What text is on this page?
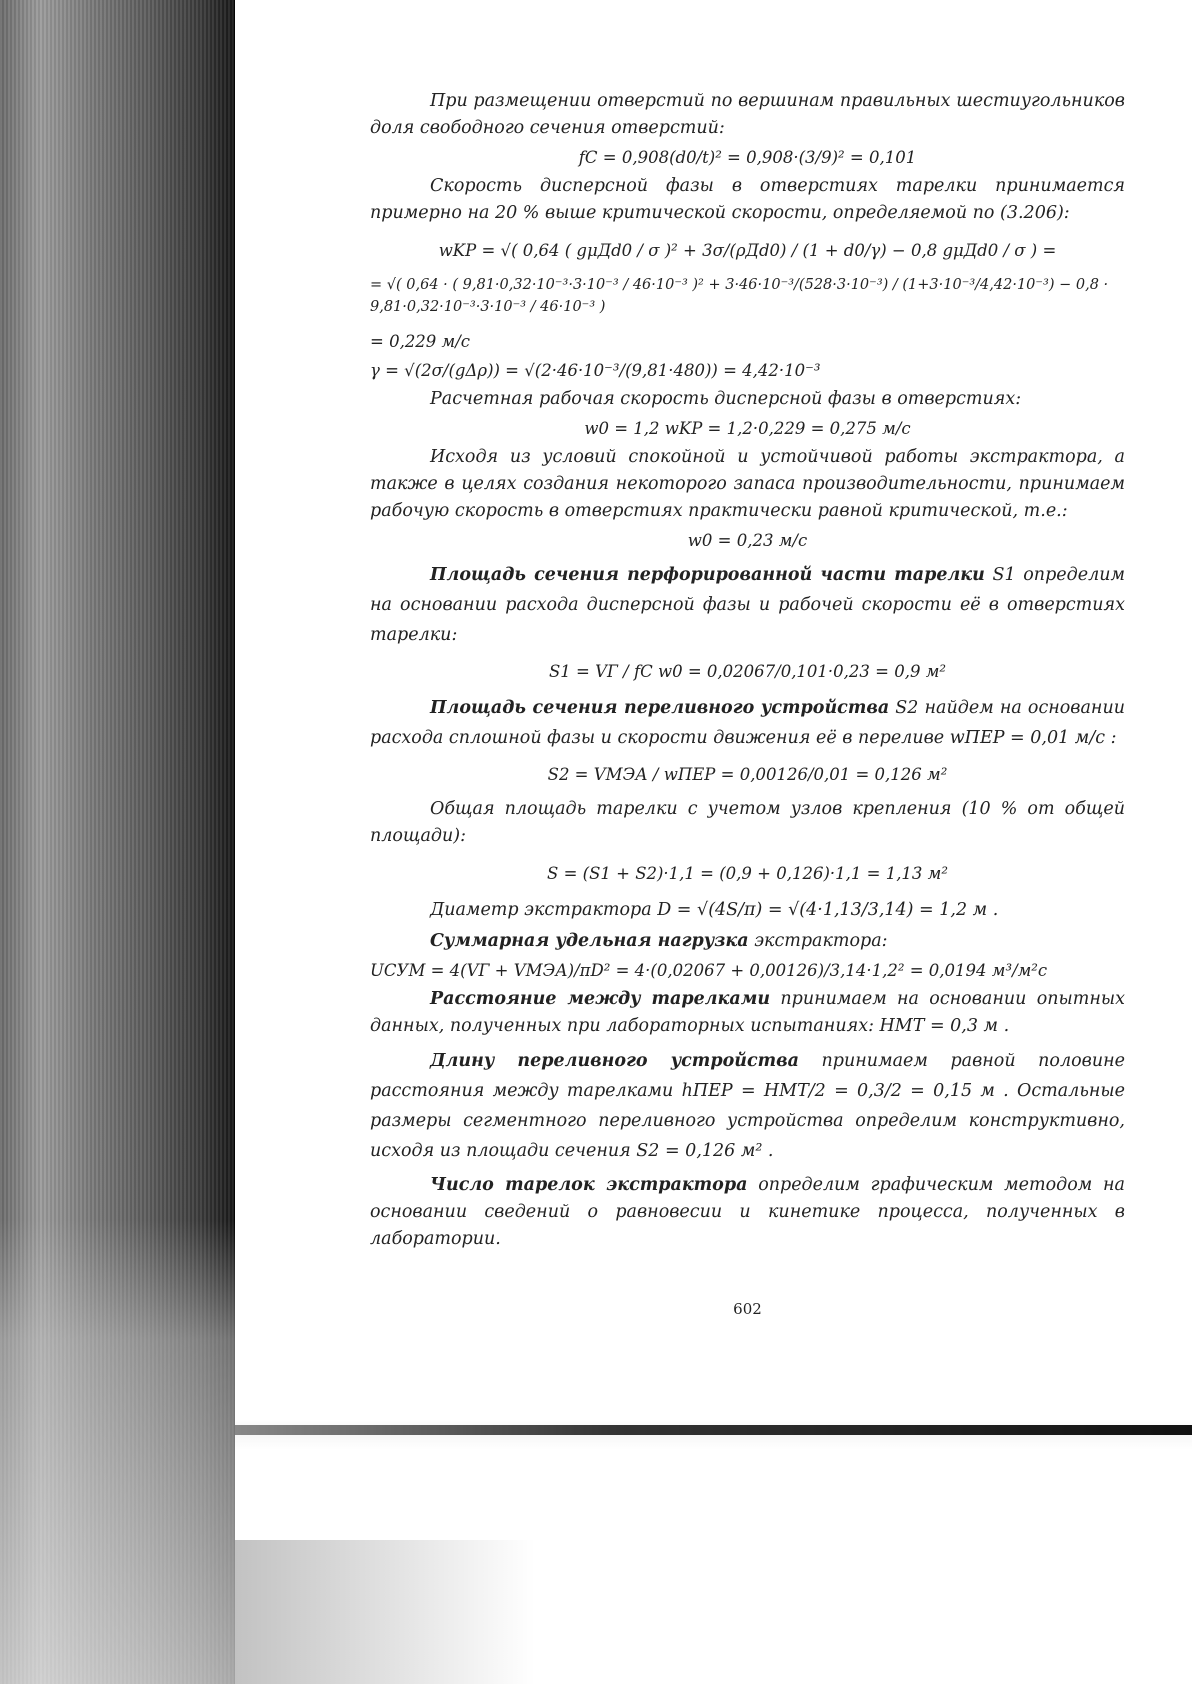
При размещении отверстий по вершинам правильных шестиугольников доля свободного сечения отверстий:

fC = 0,908(d0/t)² = 0,908·(3/9)² = 0,101

Скорость дисперсной фазы в отверстиях тарелки принимается примерно на 20 % выше критической скорости, определяемой по (3.206):

wKP = √( 0,64 ( gμДd0 / σ )² + 3σ/(ρДd0) / (1 + d0/γ) − 0,8 gμДd0 / σ ) =

= √( 0,64 · ( 9,81·0,32·10⁻³·3·10⁻³ / 46·10⁻³ )² + 3·46·10⁻³/(528·3·10⁻³) / (1+3·10⁻³/4,42·10⁻³) − 0,8 · 9,81·0,32·10⁻³·3·10⁻³ / 46·10⁻³ )

= 0,229 м/с

γ = √(2σ/(gΔρ)) = √(2·46·10⁻³/(9,81·480)) = 4,42·10⁻³

Расчетная рабочая скорость дисперсной фазы в отверстиях:

w0 = 1,2 wKP = 1,2·0,229 = 0,275 м/с

Исходя из условий спокойной и устойчивой работы экстрактора, а также в целях создания некоторого запаса производительности, принимаем рабочую скорость в отверстиях практически равной критической, т.е.:

w0 = 0,23 м/с

Площадь сечения перфорированной части тарелки S1 определим на основании расхода дисперсной фазы и рабочей скорости её в отверстиях тарелки:

S1 = VГ / fC w0 = 0,02067/0,101·0,23 = 0,9 м²

Площадь сечения переливного устройства S2 найдем на основании расхода сплошной фазы и скорости движения её в переливе wПЕР = 0,01 м/с :

S2 = VМЭА / wПЕР = 0,00126/0,01 = 0,126 м²

Общая площадь тарелки с учетом узлов крепления (10 % от общей площади):

S = (S1 + S2)·1,1 = (0,9 + 0,126)·1,1 = 1,13 м²

Диаметр экстрактора D = √(4S/π) = √(4·1,13/3,14) = 1,2 м .

Суммарная удельная нагрузка экстрактора:

UСУМ = 4(VГ + VМЭА)/πD² = 4·(0,02067 + 0,00126)/3,14·1,2² = 0,0194 м³/м²с

Расстояние между тарелками принимаем на основании опытных данных, полученных при лабораторных испытаниях: HМТ = 0,3 м .

Длину переливного устройства принимаем равной половине расстояния между тарелками hПЕР = HМТ/2 = 0,3/2 = 0,15 м . Остальные размеры сегментного переливного устройства определим конструктивно, исходя из площади сечения S2 = 0,126 м² .

Число тарелок экстрактора определим графическим методом на основании сведений о равновесии и кинетике процесса, полученных в лаборатории.

602
